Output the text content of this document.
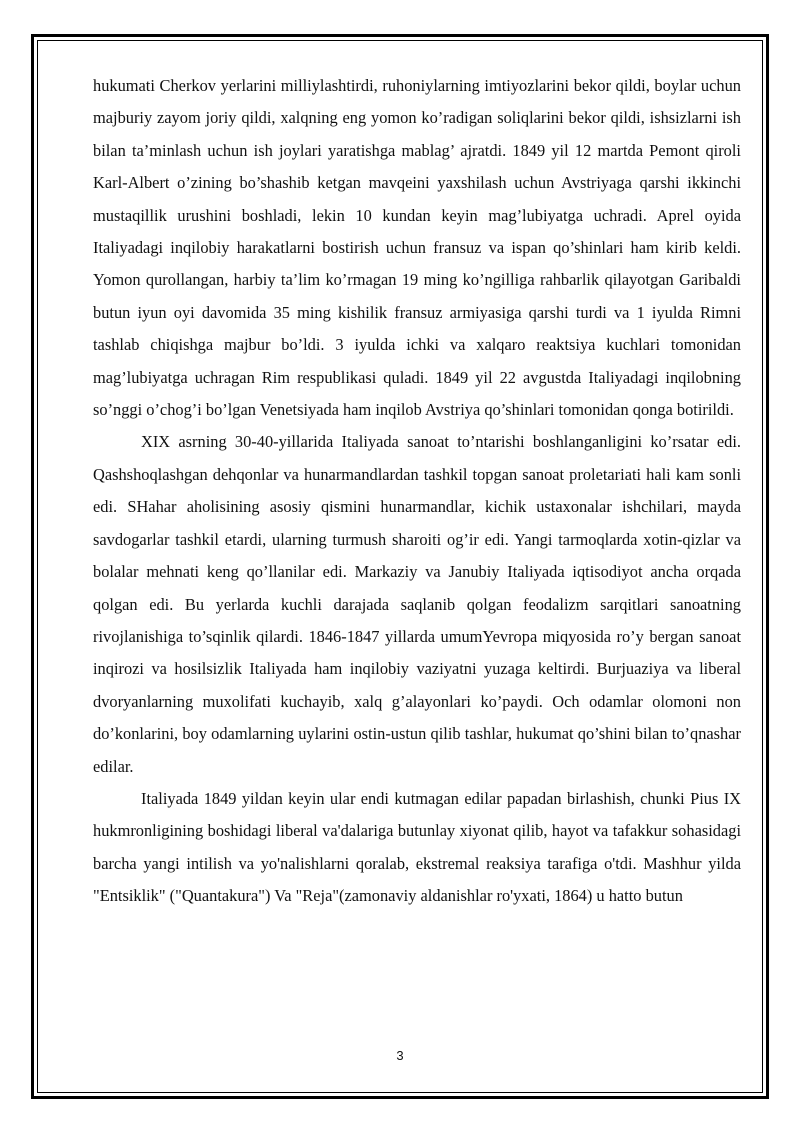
hukumati Cherkov yerlarini milliylashtirdi, ruhoniylarning imtiyozlarini bekor qildi, boylar uchun majburiy zayom joriy qildi, xalqning eng yomon ko’radigan soliqlarini bekor qildi, ishsizlarni ish bilan ta’minlash uchun ish joylari yaratishga mablag’ ajratdi. 1849 yil 12 martda Pemont qiroli Karl-Albert o’zining bo’shashib ketgan mavqeini yaxshilash uchun Avstriyaga qarshi ikkinchi mustaqillik urushini boshladi, lekin 10 kundan keyin mag’lubiyatga uchradi. Aprel oyida Italiyadagi inqilobiy harakatlarni bostirish uchun fransuz va ispan qo’shinlari ham kirib keldi. Yomon qurollangan, harbiy ta’lim ko’rmagan 19 ming ko’ngilliga rahbarlik qilayotgan Garibaldi butun iyun oyi davomida 35 ming kishilik fransuz armiyasiga qarshi turdi va 1 iyulda Rimni tashlab chiqishga majbur bo’ldi. 3 iyulda ichki va xalqaro reaktsiya kuchlari tomonidan mag’lubiyatga uchragan Rim respublikasi quladi. 1849 yil 22 avgustda Italiyadagi inqilobning so’nggi o’chog’i bo’lgan Venetsiyada ham inqilob Avstriya qo’shinlari tomonidan qonga botirildi.

XIX asrning 30-40-yillarida Italiyada sanoat to’ntarishi boshlanganligini ko’rsatar edi. Qashshoqlashgan dehqonlar va hunarmandlardan tashkil topgan sanoat proletariati hali kam sonli edi. SHahar aholisining asosiy qismini hunarmandlar, kichik ustaxonalar ishchilari, mayda savdogarlar tashkil etardi, ularning turmush sharoiti og’ir edi. Yangi tarmoqlarda xotin-qizlar va bolalar mehnati keng qo’llanilar edi. Markaziy va Janubiy Italiyada iqtisodiyot ancha orqada qolgan edi. Bu yerlarda kuchli darajada saqlanib qolgan feodalizm sarqitlari sanoatning rivojlanishiga to’sqinlik qilardi. 1846-1847 yillarda umumYevropa miqyosida ro’y bergan sanoat inqirozi va hosilsizlik Italiyada ham inqilobiy vaziyatni yuzaga keltirdi. Burjuaziya va liberal dvoryanlarning muxolifati kuchayib, xalq g’alayonlari ko’paydi. Och odamlar olomoni non do’konlarini, boy odamlarning uylarini ostin-ustun qilib tashlar, hukumat qo’shini bilan to’qnashar edilar.

Italiyada 1849 yildan keyin ular endi kutmagan edilar papadan birlashish, chunki Pius IX hukmronligining boshidagi liberal va'dalariga butunlay xiyonat qilib, hayot va tafakkur sohasidagi barcha yangi intilish va yo'nalishlarni qoralab, ekstremal reaksiya tarafiga o'tdi. Mashhur yilda "Entsiklik" ("Quantakura") Va "Reja"(zamonaviy aldanishlar ro'yxati, 1864) u hatto butun

3
